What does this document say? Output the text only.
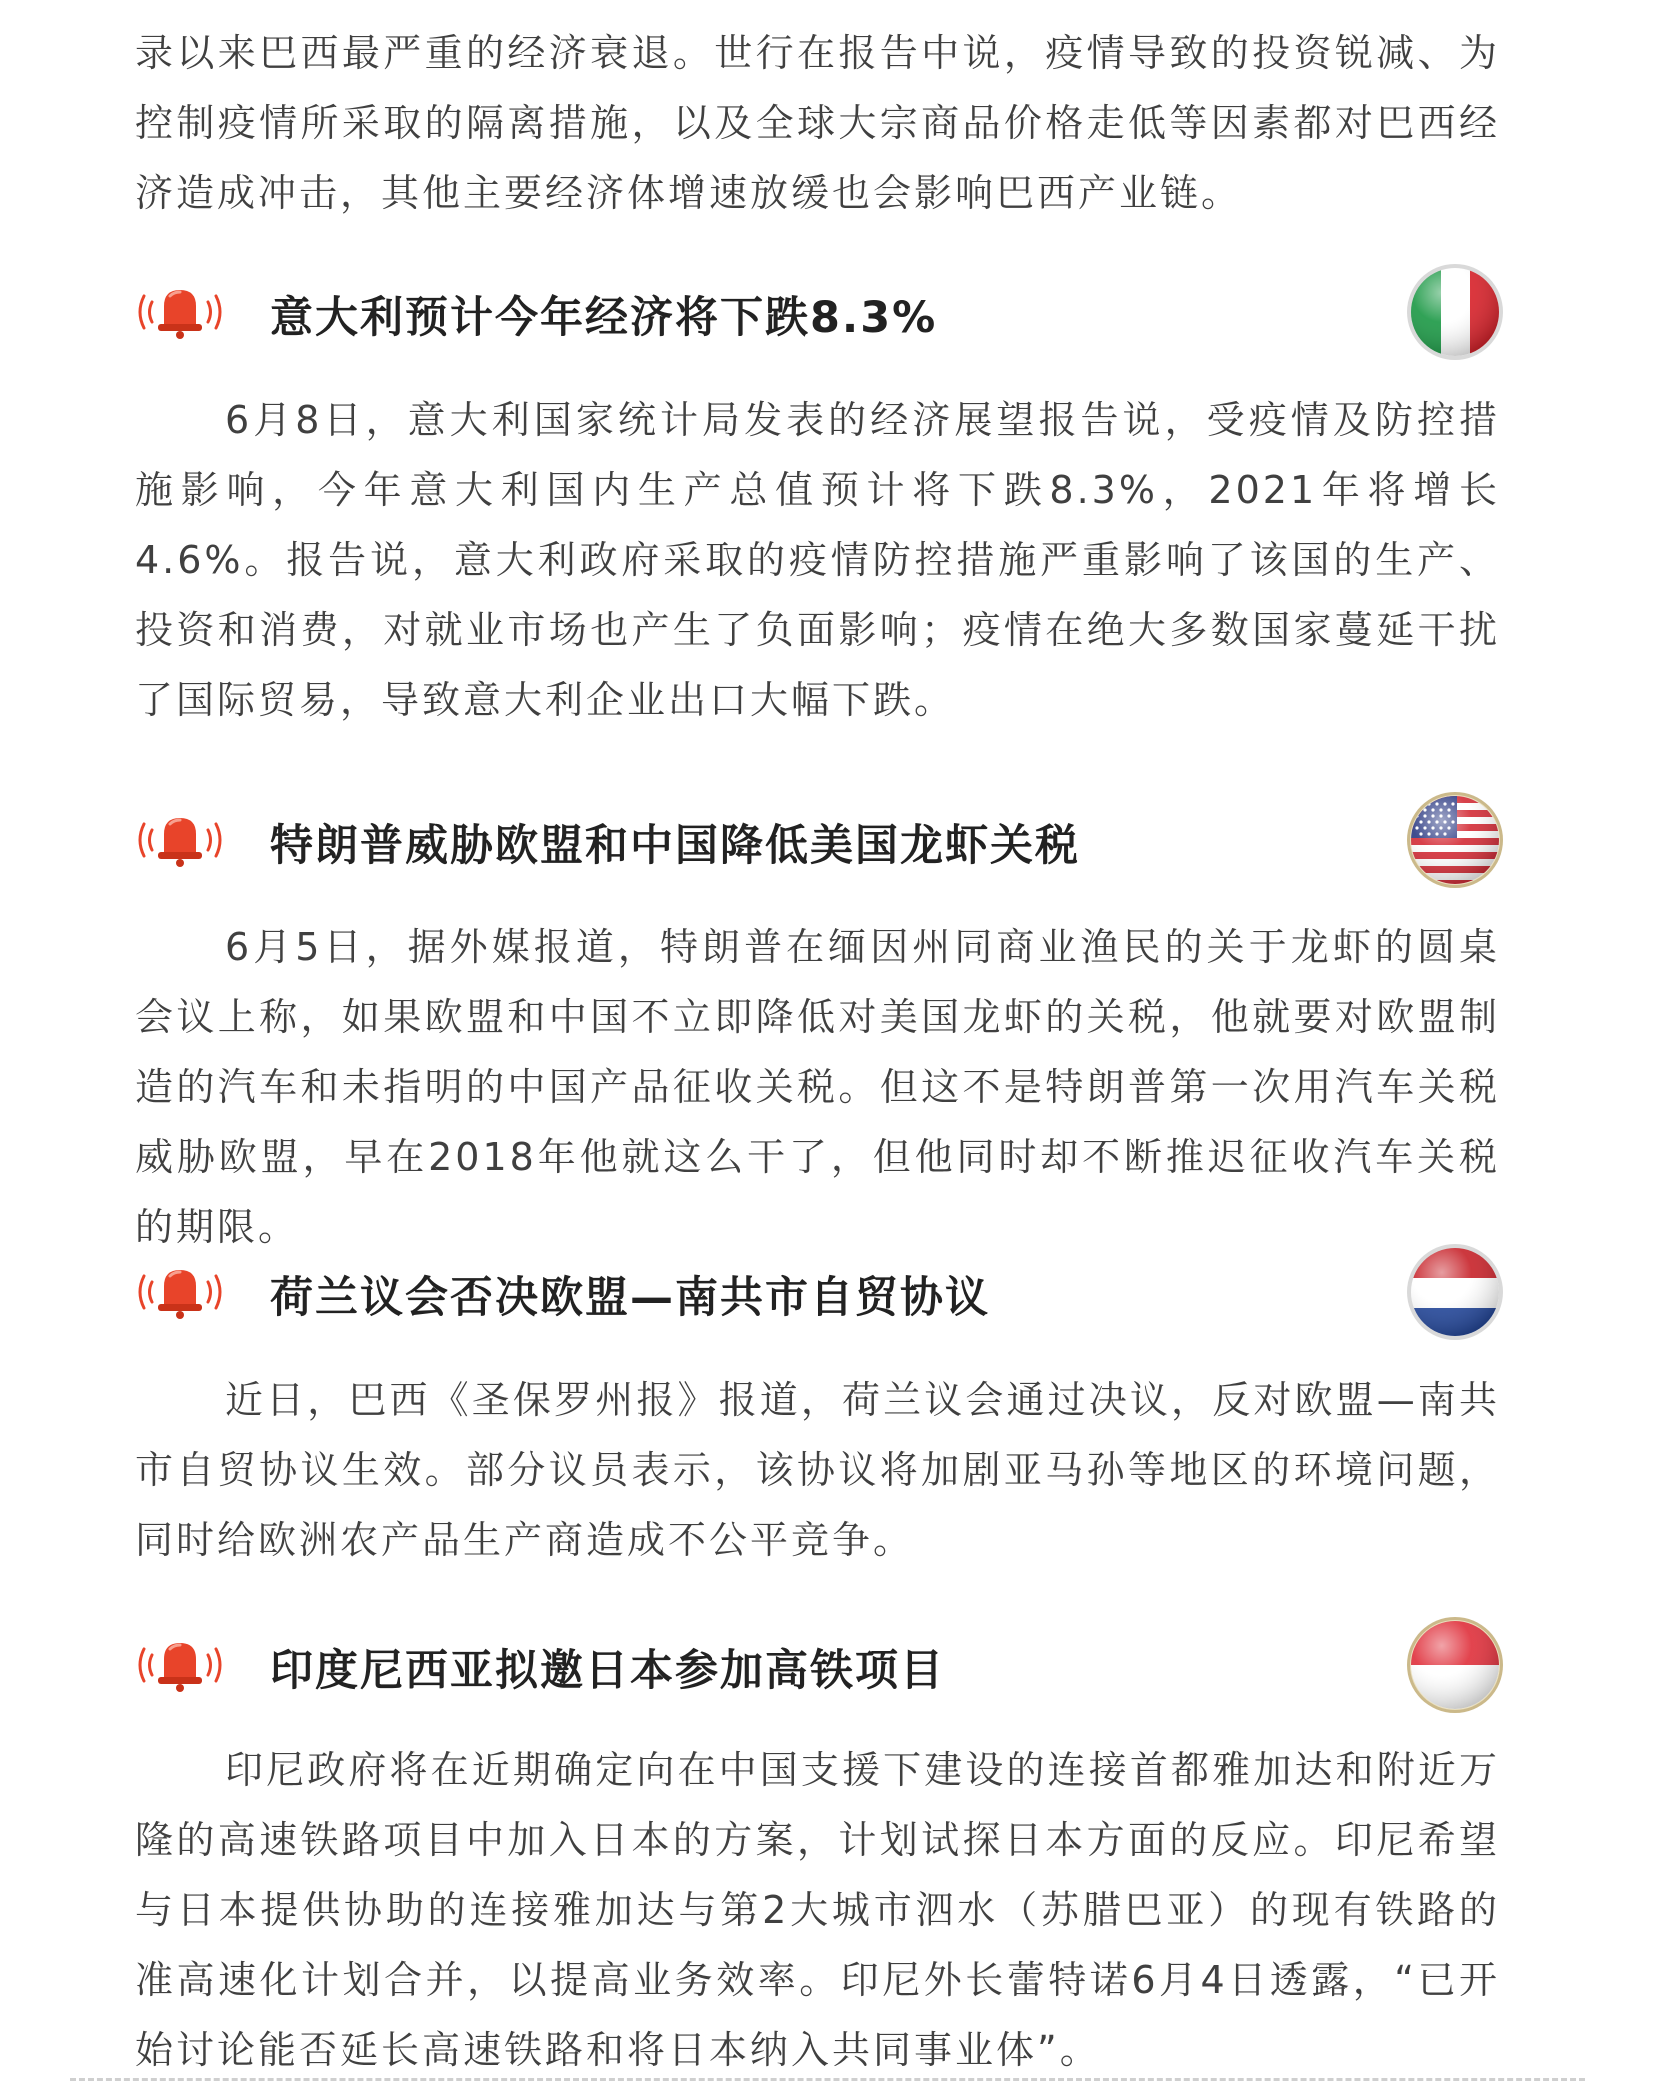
录以来巴西最严重的经济衰退。世行在报告中说，疫情导致的投资锐减、为控制疫情所采取的隔离措施，以及全球大宗商品价格走低等因素都对巴西经济造成冲击，其他主要经济体增速放缓也会影响巴西产业链。

意大利预计今年经济将下跌8.3%

6月8日，意大利国家统计局发表的经济展望报告说，受疫情及防控措施影响，今年意大利国内生产总值预计将下跌8.3%，2021年将增长4.6%。报告说，意大利政府采取的疫情防控措施严重影响了该国的生产、投资和消费，对就业市场也产生了负面影响；疫情在绝大多数国家蔓延干扰了国际贸易，导致意大利企业出口大幅下跌。

特朗普威胁欧盟和中国降低美国龙虾关税

6月5日，据外媒报道，特朗普在缅因州同商业渔民的关于龙虾的圆桌会议上称，如果欧盟和中国不立即降低对美国龙虾的关税，他就要对欧盟制造的汽车和未指明的中国产品征收关税。但这不是特朗普第一次用汽车关税威胁欧盟，早在2018年他就这么干了，但他同时却不断推迟征收汽车关税的期限。

荷兰议会否决欧盟—南共市自贸协议

近日，巴西《圣保罗州报》报道，荷兰议会通过决议，反对欧盟—南共市自贸协议生效。部分议员表示，该协议将加剧亚马孙等地区的环境问题，同时给欧洲农产品生产商造成不公平竞争。

印度尼西亚拟邀日本参加高铁项目

印尼政府将在近期确定向在中国支援下建设的连接首都雅加达和附近万隆的高速铁路项目中加入日本的方案，计划试探日本方面的反应。印尼希望与日本提供协助的连接雅加达与第2大城市泗水（苏腊巴亚）的现有铁路的准高速化计划合并，以提高业务效率。印尼外长蕾特诺6月4日透露，“已开始讨论能否延长高速铁路和将日本纳入共同事业体”。
